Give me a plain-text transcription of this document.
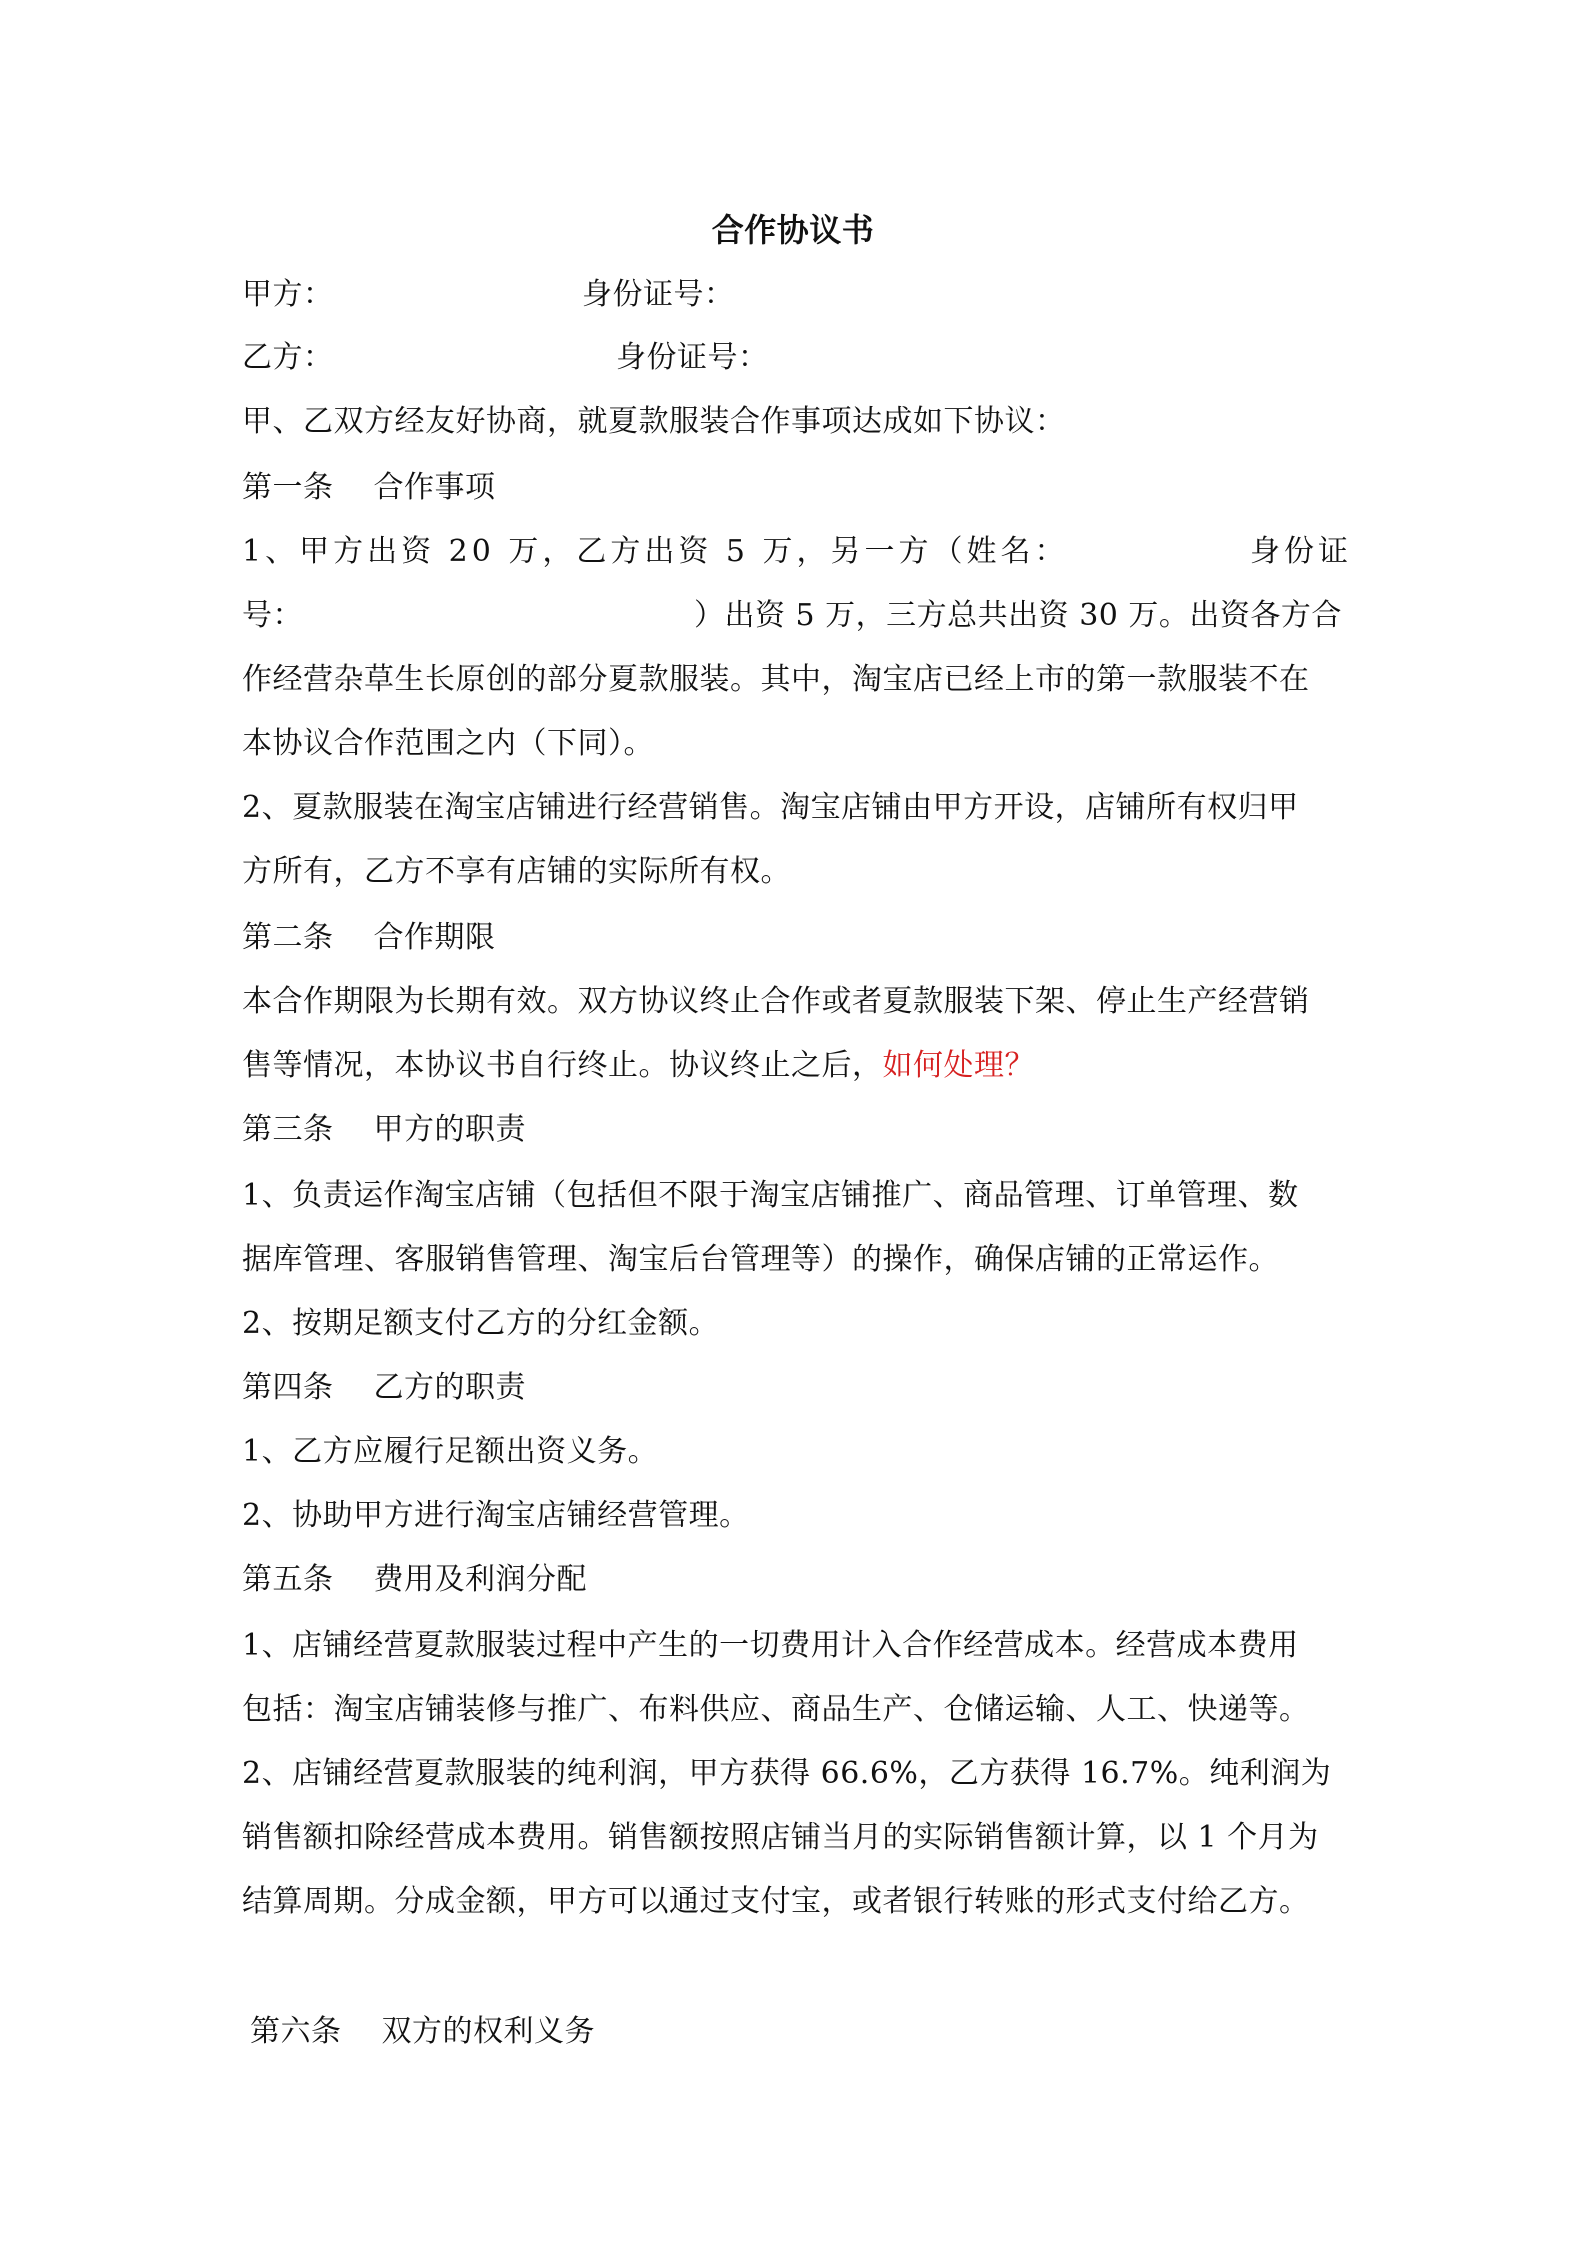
合作协议书
甲方：	身份证号：
乙方：	身份证号：
甲、乙双方经友好协商，就夏款服装合作事项达成如下协议：
第一条 合作事项
1、甲方出资 20 万，乙方出资 5 万，另一方（姓名：	身份证
号：	）出资 5 万，三方总共出资 30 万。出资各方合
作经营杂草生长原创的部分夏款服装。其中，淘宝店已经上市的第一款服装不在
本协议合作范围之内（下同）。
2、夏款服装在淘宝店铺进行经营销售。淘宝店铺由甲方开设，店铺所有权归甲
方所有，乙方不享有店铺的实际所有权。
第二条 合作期限
本合作期限为长期有效。双方协议终止合作或者夏款服装下架、停止生产经营销
售等情况，本协议书自行终止。协议终止之后，如何处理？
第三条 甲方的职责
1、负责运作淘宝店铺（包括但不限于淘宝店铺推广、商品管理、订单管理、数
据库管理、客服销售管理、淘宝后台管理等）的操作，确保店铺的正常运作。
2、按期足额支付乙方的分红金额。
第四条 乙方的职责
1、乙方应履行足额出资义务。
2、协助甲方进行淘宝店铺经营管理。
第五条 费用及利润分配
1、店铺经营夏款服装过程中产生的一切费用计入合作经营成本。经营成本费用
包括：淘宝店铺装修与推广、布料供应、商品生产、仓储运输、人工、快递等。
2、店铺经营夏款服装的纯利润，甲方获得 66.6%，乙方获得 16.7%。纯利润为
销售额扣除经营成本费用。销售额按照店铺当月的实际销售额计算，以 1 个月为
结算周期。分成金额，甲方可以通过支付宝，或者银行转账的形式支付给乙方。
第六条 双方的权利义务
